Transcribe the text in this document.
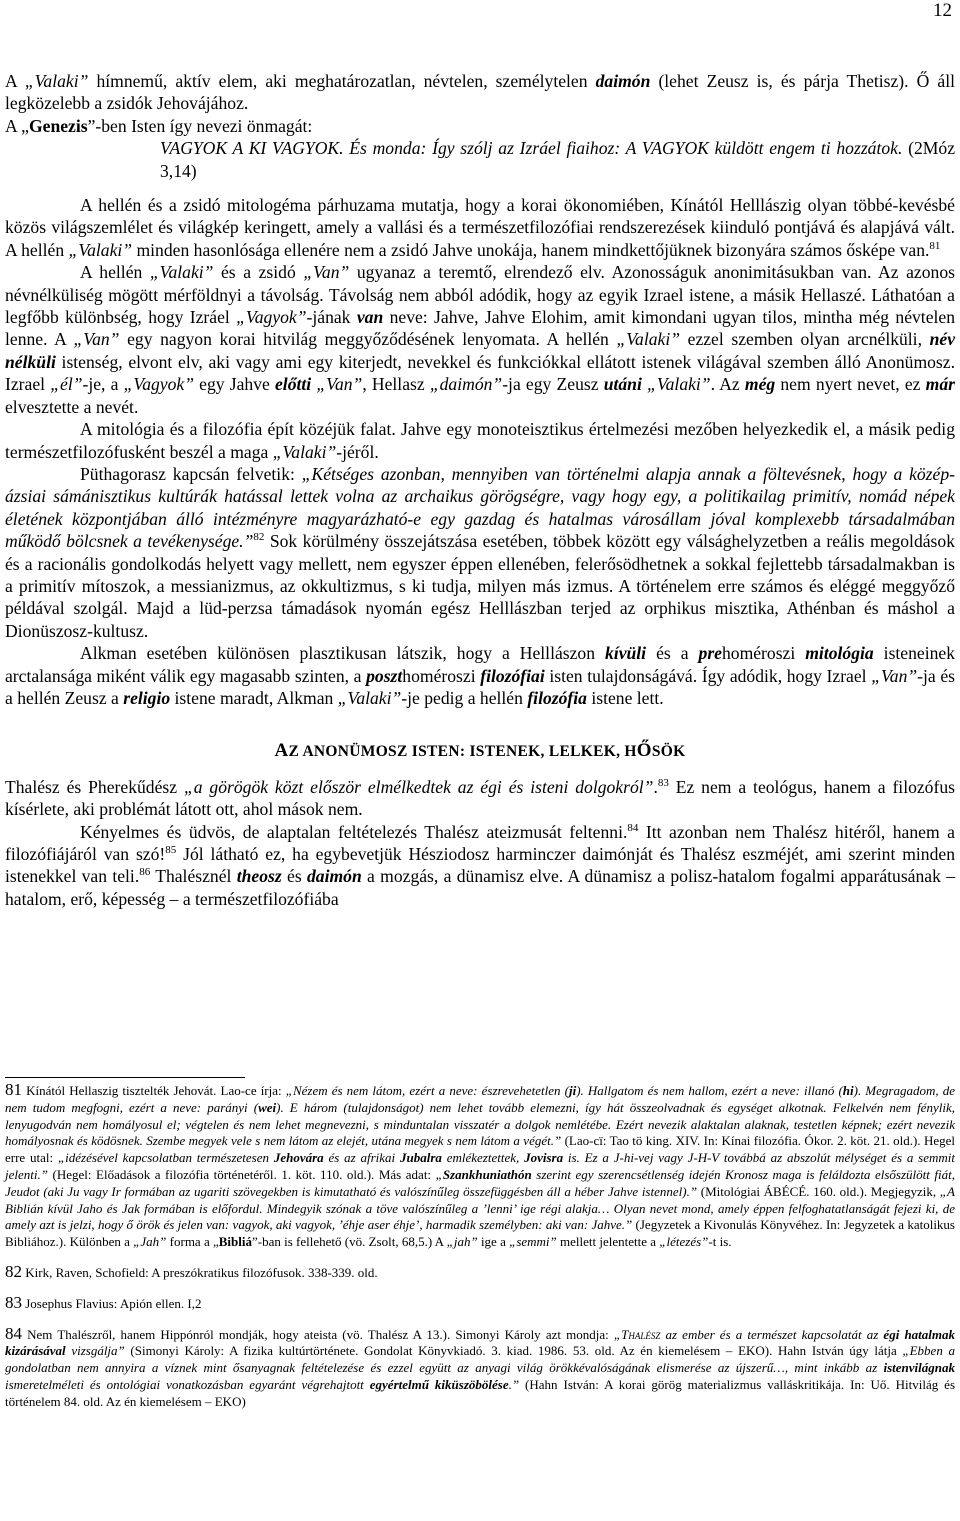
12

A „Valaki” hímnemű, aktív elem, aki meghatározatlan, névtelen, személytelen daimón (lehet Zeusz is, és párja Thetisz). Ő áll legközelebb a zsidók Jehovájához.

A „Genezis”-ben Isten így nevezi önmagát:

VAGYOK A KI VAGYOK. És monda: Így szólj az Izráel fiaihoz: A VAGYOK küldött engem ti hozzátok. (2Móz 3,14)

A hellén és a zsidó mitologéma párhuzama mutatja, hogy a korai ökonomiében, Kínától Helllászig olyan többé-kevésbé közös világszemlélet és világkép keringett, amely a vallási és a természetfilozófiai rendszerezések kiinduló pontjává és alapjává vált. A hellén „Valaki” minden hasonlósága ellenére nem a zsidó Jahve unokája, hanem mindkettőjüknek bizonyára számos ősképe van.$^{81}$

A hellén „Valaki” és a zsidó „Van” ugyanaz a teremtő, elrendező elv. Azonosságuk anonimitásukban van. Az azonos névnélküliség mögött mérföldnyi a távolság. Távolság nem abból adódik, hogy az egyik Izrael istene, a másik Hellaszé. Láthatóan a legfőbb különbség, hogy Izráel „Vagyok”-jának van neve: Jahve, Jahve Elohim, amit kimondani ugyan tilos, mintha még névtelen lenne. A „Van” egy nagyon korai hitvilág meggyőződésének lenyomata. A hellén „Valaki” ezzel szemben olyan arcnélküli, név nélküli istenség, elvont elv, aki vagy ami egy kiterjedt, nevekkel és funkciókkal ellátott istenek világával szemben álló Anonümosz. Izrael „él”-je, a „Vagyok” egy Jahve előtti „Van”, Hellasz „daimón”-ja egy Zeusz utáni „Valaki”. Az még nem nyert nevet, ez már elvesztette a nevét.

A mitológia és a filozófia épít közéjük falat. Jahve egy monoteisztikus értelmezési mezőben helyezkedik el, a másik pedig természetfilozófusként beszél a maga „Valaki”-jéről.

Püthagorasz kapcsán felvetik: „Kétséges azonban, mennyiben van történelmi alapja annak a föltevésnek, hogy a közép-ázsiai sámánisztikus kultúrák hatással lettek volna az archaikus görögségre, vagy hogy egy, a politikailag primitív, nomád népek életének központjában álló intézményre magyarázható-e egy gazdag és hatalmas városállam jóval komplexebb társadalmában működő bölcsnek a tevékenysége.”$^{82}$ Sok körülmény összejátszása esetében, többek között egy válsághelyzetben a reális megoldások és a racionális gondolkodás helyett vagy mellett, nem egyszer éppen ellenében, felerősödhetnek a sokkal fejlettebb társadalmakban is a primitív mítoszok, a messianizmus, az okkultizmus, s ki tudja, milyen más izmus. A történelem erre számos és eléggé meggyőző példával szolgál. Majd a lüd-perzsa támadások nyomán egész Helllászban terjed az orphikus misztika, Athénban és máshol a Dionüszosz-kultusz.

Alkman esetében különösen plasztikusan látszik, hogy a Helllászon kívüli és a prehoméroszi mitológia isteneinek arctalansága miként válik egy magasabb szinten, a poszthoméroszi filozófiai isten tulajdonságává. Így adódik, hogy Izrael „Van”-ja és a hellén Zeusz a religio istene maradt, Alkman „Valaki”-je pedig a hellén filozófia istene lett.

AZ ANONÜMOSZ ISTEN: ISTENEK, LELKEK, HŐSÖK

Thalész és Pherekűdész „a görögök közt először elmélkedtek az égi és isteni dolgokról”.$^{83}$ Ez nem a teológus, hanem a filozófus kísérlete, aki problémát látott ott, ahol mások nem.

Kényelmes és üdvös, de alaptalan feltételezés Thalész ateizmusát feltenni.$^{84}$ Itt azonban nem Thalész hitéről, hanem a filozófiájáról van szó!$^{85}$ Jól látható ez, ha egybevetjük Hésziodosz harminczer daimónját és Thalész eszméjét, ami szerint minden istenekkel van teli.$^{86}$ Thalésznél theosz és daimón a mozgás, a dünamisz elve. A dünamisz a polisz-hatalom fogalmi apparátusának – hatalom, erő, képesség – a természetfilozófiába

81 Kínától Hellaszig tisztelték Jehovát. Lao-ce írja: „Nézem és nem látom, ezért a neve: észrevehetetlen (ji). Hallgatom és nem hallom, ezért a neve: illanó (hi). Megragadom, de nem tudom megfogni, ezért a neve: parányi (wei). E három (tulajdonságot) nem lehet tovább elemezni, így hát összeolvadnak és egységet alkotnak. Felkelvén nem fénylik, lenyugodván nem homályosul el; végtelen és nem lehet megnevezni, s minduntalan visszatér a dolgok nemlétébe. Ezért nevezik alaktalan alaknak, testetlen képnek; ezért nevezik homályosnak és ködösnek. Szembe megyek vele s nem látom az elejét, utána megyek s nem látom a végét.” (Lao-cï: Tao tö king. XIV. In: Kínai filozófia. Ókor. 2. köt. 21. old.). Hegel erre utal: „idézésével kapcsolatban természetesen Jehovára és az afrikai Jubalra emlékeztettek, Jovisra is. Ez a J-hi-vej vagy J-H-V továbbá az abszolút mélységet és a semmit jelenti.” (Hegel: Előadások a filozófia történetéről. 1. köt. 110. old.). Más adat: „Szankhuniathón szerint egy szerencsétlenség idején Kronosz maga is feláldozta elsőszülött fiát, Jeudot (aki Ju vagy Ir formában az ugariti szövegekben is kimutatható és valószínűleg összefüggésben áll a héber Jahve istennel).” (Mitológiai ÁBÉCÉ. 160. old.). Megjegyzik, „A Biblián kívül Jaho és Jak formában is előfordul. Mindegyik szónak a töve valószínűleg a ’lenni’ ige régi alakja… Olyan nevet mond, amely éppen felfoghatatlanságát fejezi ki, de amely azt is jelzi, hogy ő örök és jelen van: vagyok, aki vagyok, ’éhje aser éhje’, harmadik személyben: aki van: Jahve.” (Jegyzetek a Kivonulás Könyvéhez. In: Jegyzetek a katolikus Bibliához.). Különben a „Jah” forma a „Bibliá”-ban is fellehető (vö. Zsolt, 68,5.) A „jah” ige a „semmi” mellett jelentette a „létezés”-t is.

82 Kirk, Raven, Schofield: A preszókratikus filozófusok. 338-339. old.

83 Josephus Flavius: Apión ellen. I,2

84 Nem Thalészről, hanem Hippónról mondják, hogy ateista (vö. Thalész A 13.). Simonyi Károly azt mondja: „Thalész az ember és a természet kapcsolatát az égi hatalmak kizárásával vizsgálja” (Simonyi Károly: A fizika kultúrtörténete. Gondolat Könyvkiadó. 3. kiad. 1986. 53. old. Az én kiemelésem – EKO). Hahn István úgy látja „Ebben a gondolatban nem annyira a víznek mint ősanyagnak feltételezése és ezzel együtt az anyagi világ örökkévalóságának elismerése az újszerű…, mint inkább az istenvilágnak ismeretelméleti és ontológiai vonatkozásban egyaránt végrehajtott egyértelmű kiküszöbölése.” (Hahn István: A korai görög materializmus valláskritikája. In: Uő. Hitvilág és történelem 84. old. Az én kiemelésem – EKO)
